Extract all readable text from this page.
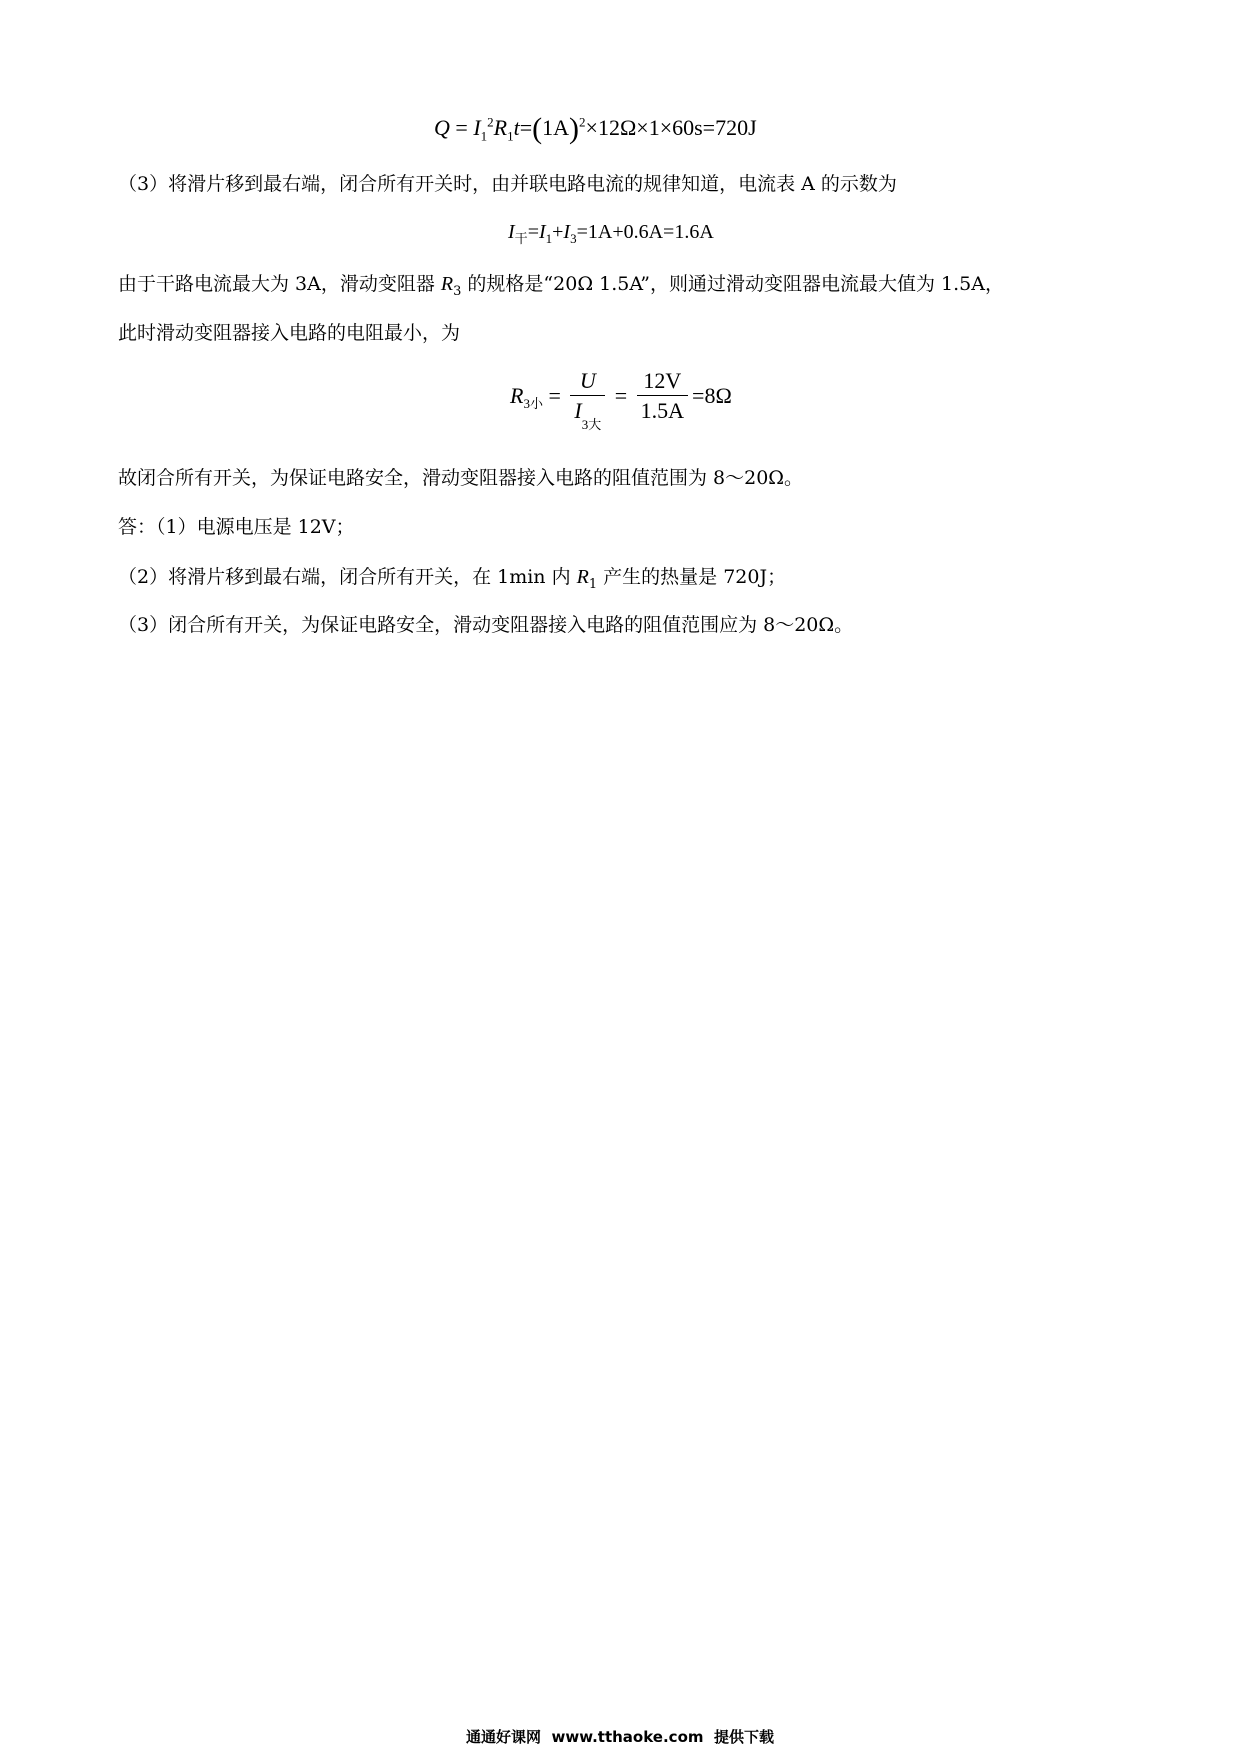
$Q = I_1^2R_1t=(1A)^2\times 12\Omega\times 1\times 60s=720J$
（3）将滑片移到最右端，闭合所有开关时，由并联电路电流的规律知道，电流表 A 的示数为
$I_干=I_1+I_3=1A+0.6A=1.6A$
由于干路电流最大为 3A，滑动变阻器 $R_3$ 的规格是“20Ω 1.5A”，则通过滑动变阻器电流最大值为 1.5A，
此时滑动变阻器接入电路的电阻最小，为
$R_{3小} = \frac{U}{I_{3大}} = \frac{12V}{1.5A} =8\Omega$
故闭合所有开关，为保证电路安全，滑动变阻器接入电路的阻值范围为 8～20Ω。
答：（1）电源电压是 12V；
（2）将滑片移到最右端，闭合所有开关，在 1min 内 $R_1$ 产生的热量是 720J；
（3）闭合所有开关，为保证电路安全，滑动变阻器接入电路的阻值范围应为 8～20Ω。
通通好课网  www.tthaoke.com  提供下载
